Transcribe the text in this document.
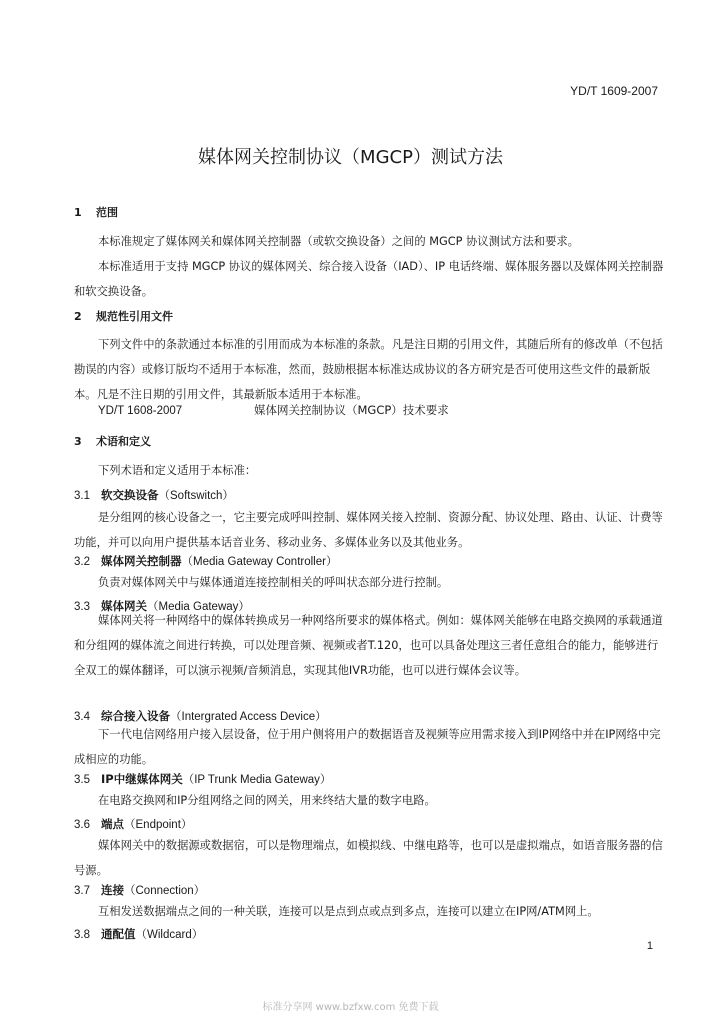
YD/T 1609-2007
媒体网关控制协议（MGCP）测试方法
1 范围
本标准规定了媒体网关和媒体网关控制器（或软交换设备）之间的 MGCP 协议测试方法和要求。
本标准适用于支持 MGCP 协议的媒体网关、综合接入设备（IAD）、IP 电话终端、媒体服务器以及媒体网关控制器和软交换设备。
2 规范性引用文件
下列文件中的条款通过本标准的引用而成为本标准的条款。凡是注日期的引用文件，其随后所有的修改单（不包括勘误的内容）或修订版均不适用于本标准，然而，鼓励根据本标准达成协议的各方研究是否可使用这些文件的最新版本。凡是不注日期的引用文件，其最新版本适用于本标准。
YD/T 1608-2007	媒体网关控制协议（MGCP）技术要求
3 术语和定义
下列术语和定义适用于本标准：
3.1 软交换设备（Softswitch）
是分组网的核心设备之一，它主要完成呼叫控制、媒体网关接入控制、资源分配、协议处理、路由、认证、计费等功能，并可以向用户提供基本话音业务、移动业务、多媒体业务以及其他业务。
3.2 媒体网关控制器（Media Gateway Controller）
负责对媒体网关中与媒体通道连接控制相关的呼叫状态部分进行控制。
3.3 媒体网关（Media Gateway）
媒体网关将一种网络中的媒体转换成另一种网络所要求的媒体格式。例如：媒体网关能够在电路交换网的承载通道和分组网的媒体流之间进行转换，可以处理音频、视频或者T.120，也可以具备处理这三者任意组合的能力，能够进行全双工的媒体翻译，可以演示视频/音频消息，实现其他IVR功能，也可以进行媒体会议等。
3.4 综合接入设备（Intergrated Access Device）
下一代电信网络用户接入层设备，位于用户侧将用户的数据语音及视频等应用需求接入到IP网络中并在IP网络中完成相应的功能。
3.5 IP中继媒体网关（IP Trunk Media Gateway）
在电路交换网和IP分组网络之间的网关，用来终结大量的数字电路。
3.6 端点（Endpoint）
媒体网关中的数据源或数据宿，可以是物理端点，如模拟线、中继电路等，也可以是虚拟端点，如语音服务器的信号源。
3.7 连接（Connection）
互相发送数据端点之间的一种关联，连接可以是点到点或点到多点，连接可以建立在IP网/ATM网上。
3.8 通配值（Wildcard）
1
标准分享网 www.bzfxw.com 免费下载
